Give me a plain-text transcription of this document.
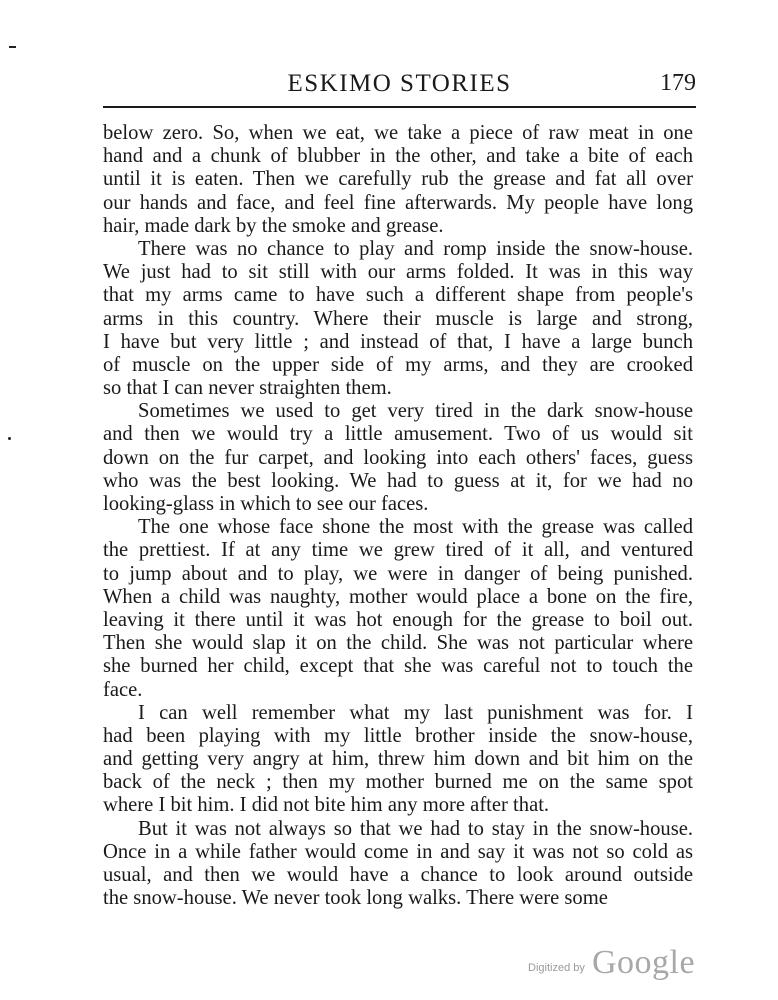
ESKIMO STORIES	179
below zero. So, when we eat, we take a piece of raw meat in one
hand and a chunk of blubber in the other, and take a bite of each
until it is eaten. Then we carefully rub the grease and fat all over
our hands and face, and feel fine afterwards. My people have long
hair, made dark by the smoke and grease.
There was no chance to play and romp inside the snow-house.
We just had to sit still with our arms folded. It was in this way
that my arms came to have such a different shape from people's
arms in this country. Where their muscle is large and strong,
I have but very little ; and instead of that, I have a large bunch
of muscle on the upper side of my arms, and they are crooked
so that I can never straighten them.
Sometimes we used to get very tired in the dark snow-house
and then we would try a little amusement. Two of us would sit
down on the fur carpet, and looking into each others' faces, guess
who was the best looking. We had to guess at it, for we had no
looking-glass in which to see our faces.
The one whose face shone the most with the grease was called
the prettiest. If at any time we grew tired of it all, and ventured
to jump about and to play, we were in danger of being punished.
When a child was naughty, mother would place a bone on the fire,
leaving it there until it was hot enough for the grease to boil out.
Then she would slap it on the child. She was not particular where
she burned her child, except that she was careful not to touch the
face.
I can well remember what my last punishment was for. I
had been playing with my little brother inside the snow-house,
and getting very angry at him, threw him down and bit him on the
back of the neck ; then my mother burned me on the same spot
where I bit him. I did not bite him any more after that.
But it was not always so that we had to stay in the snow-house.
Once in a while father would come in and say it was not so cold as
usual, and then we would have a chance to look around outside
the snow-house. We never took long walks. There were some
Digitized by Google
